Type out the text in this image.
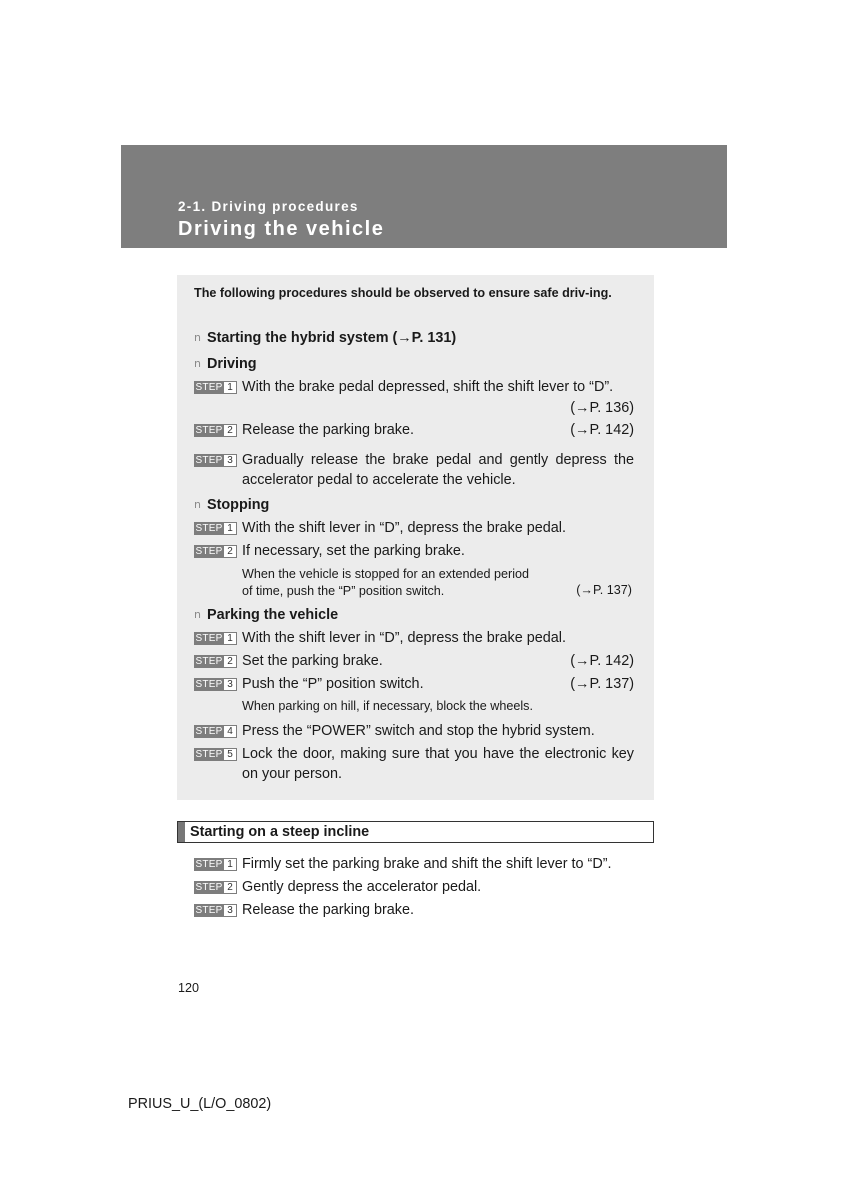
2-1. Driving procedures
Driving the vehicle
The following procedures should be observed to ensure safe driv-ing.
n Starting the hybrid system (→P. 131)
n Driving
STEP 1 With the brake pedal depressed, shift the shift lever to “D”.
(→P. 136)
STEP 2 Release the parking brake.	(→P. 142)
STEP 3 Gradually release the brake pedal and gently depress the accelerator pedal to accelerate the vehicle.
n Stopping
STEP 1 With the shift lever in “D”, depress the brake pedal.
STEP 2 If necessary, set the parking brake.
When the vehicle is stopped for an extended period of time, push the “P” position switch.	(→P. 137)
n Parking the vehicle
STEP 1 With the shift lever in “D”, depress the brake pedal.
STEP 2 Set the parking brake.	(→P. 142)
STEP 3 Push the “P” position switch.	(→P. 137)
When parking on hill, if necessary, block the wheels.
STEP 4 Press the “POWER” switch and stop the hybrid system.
STEP 5 Lock the door, making sure that you have the electronic key on your person.
Starting on a steep incline
STEP 1 Firmly set the parking brake and shift the shift lever to “D”.
STEP 2 Gently depress the accelerator pedal.
STEP 3 Release the parking brake.
120
PRIUS_U_(L/O_0802)
